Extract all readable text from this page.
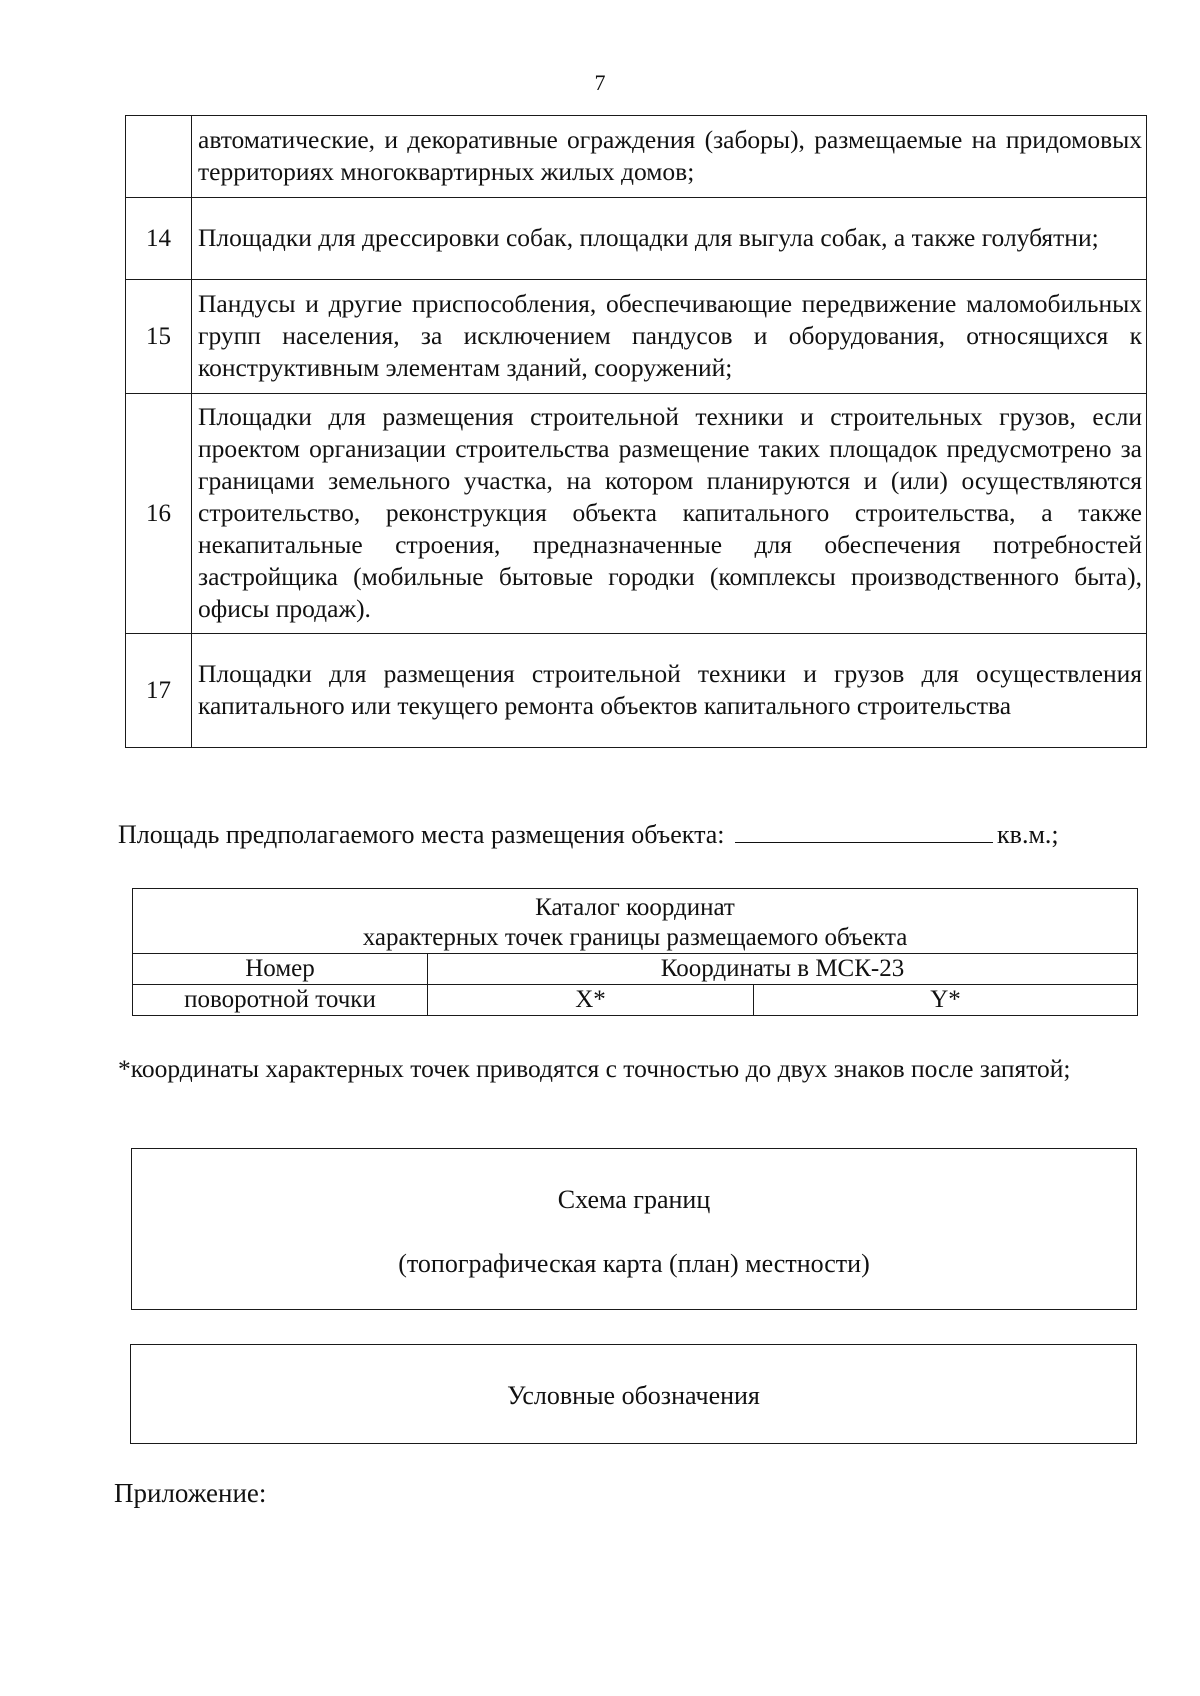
7
	автоматические, и декоративные ограждения (заборы), размещаемые на придомовых территориях многоквартирных жилых домов;
14	Площадки для дрессировки собак, площадки для выгула собак, а также голубятни;
15	Пандусы и другие приспособления, обеспечивающие передвижение маломобильных групп населения, за исключением пандусов и оборудования, относящихся к конструктивным элементам зданий, сооружений;
16	Площадки для размещения строительной техники и строительных грузов, если проектом организации строительства размещение таких площадок предусмотрено за границами земельного участка, на котором планируются и (или) осуществляются строительство, реконструкция объекта капитального строительства, а также некапитальные строения, предназначенные для обеспечения потребностей застройщика (мобильные бытовые городки (комплексы производственного быта), офисы продаж).
17	Площадки для размещения строительной техники и грузов для осуществления капитального или текущего ремонта объектов капитального строительства
Площадь предполагаемого места размещения объекта:	кв.м.;
Каталог координат
характерных точек границы размещаемого объекта		

Номер	Координаты в МСК-23	
поворотной точки	X*	Y*
*координаты характерных точек приводятся с точностью до двух знаков после запятой;
Схема границ
(топографическая карта (план) местности)
Условные обозначения
Приложение:
